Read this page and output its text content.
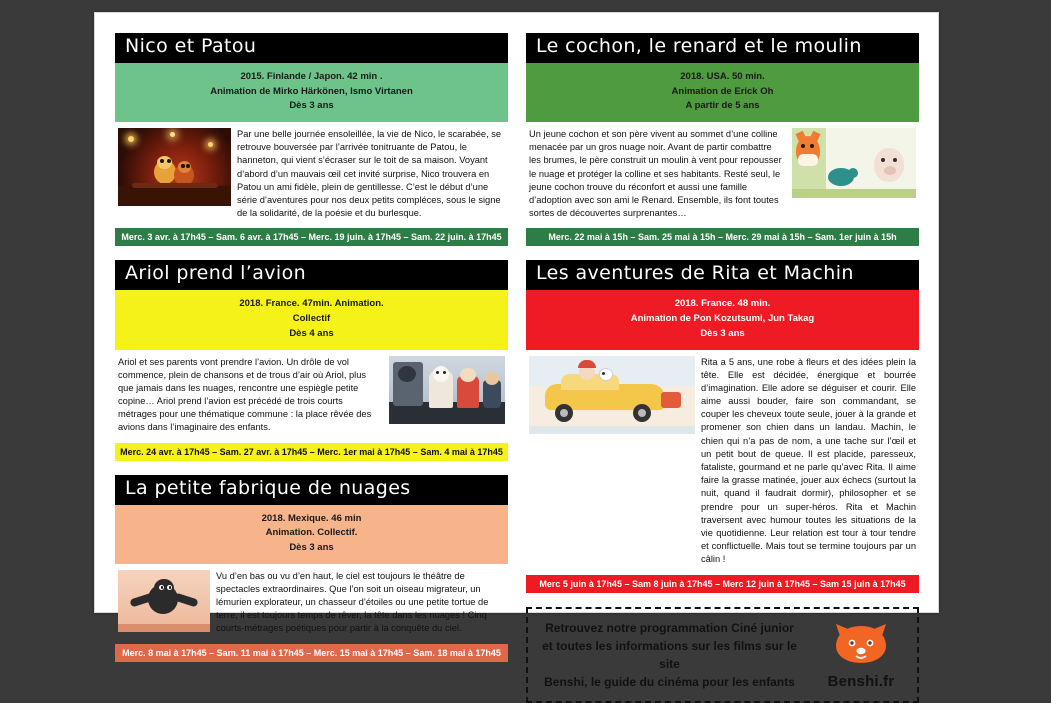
Nico et Patou
2015. Finlande / Japon. 42 min .
Animation de Mirko Härkönen, Ismo Virtanen
Dès 3 ans
Par une belle journée ensoleillée, la vie de Nico, le scarabée, se retrouve bouversée par l’arrivée tonitruante de Patou, le hanneton, qui vient s’écraser sur le toit de sa maison. Voyant d’abord d’un mauvais œil cet invité surprise, Nico trouvera en Patou un ami fidèle, plein de gentillesse. C’est le début d’une série d’aventures pour nos deux petits compléces, sous le signe de la solidarité, de la poésie et du burlesque.
Merc. 3 avr. à 17h45 – Sam. 6 avr. à 17h45 – Merc. 19 juin. à 17h45 – Sam. 22 juin. à 17h45
Ariol prend l’avion
2018. France. 47min. Animation.
Collectif
Dès 4 ans
Ariol et ses parents vont prendre l’avion. Un drôle de vol commence, plein de chansons et de trous d’air où Ariol, plus que jamais dans les nuages, rencontre une espiègle petite copine… Ariol prend l’avion est précédé de trois courts métrages pour une thématique commune : la place rêvée des avions dans l’imaginaire des enfants.
Merc. 24 avr. à 17h45 – Sam. 27 avr. à 17h45 – Merc. 1er mai à 17h45 – Sam. 4 mai à 17h45
La petite fabrique de nuages
2018. Mexique. 46 min
Animation. Collectif.
Dès 3 ans
Vu d’en bas ou vu d’en haut, le ciel est toujours le théâtre de spectacles extraordinaires. Que l’on soit un oiseau migrateur, un lémurien explorateur, un chasseur d’étoiles ou une petite tortue de terre, il est toujours temps de rêver, la tête dans les nuages ! Cinq courts-métrages poétiques pour partir à la conquête du ciel.
Merc. 8 mai à 17h45 – Sam. 11 mai à 17h45 – Merc. 15 mai à 17h45 – Sam. 18 mai à 17h45
Le cochon, le renard et le moulin
2018. USA. 50 min.
Animation de Erick Oh
A partir de 5 ans
Un jeune cochon et son père vivent au sommet d’une colline menacée par un gros nuage noir. Avant de partir combattre les brumes, le père construit un moulin à vent pour repousser le nuage et protéger la colline et ses habitants. Resté seul, le jeune cochon trouve du réconfort et aussi une famille d’adoption avec son ami le Renard. Ensemble, ils font toutes sortes de découvertes surprenantes…
Merc. 22 mai à 15h – Sam. 25 mai à 15h – Merc. 29 mai à 15h – Sam. 1er juin à 15h
Les aventures de Rita et Machin
2018. France. 48 min.
Animation de Pon Kozutsumi, Jun Takag
Dès 3 ans
Rita a 5 ans, une robe à fleurs et des idées plein la tête. Elle est décidée, énergique et bourrée d’imagination. Elle adore se déguiser et courir. Elle aime aussi bouder, faire son commandant, se couper les cheveux toute seule, jouer à la grande et promener son chien dans un landau. Machin, le chien qui n’a pas de nom, a une tache sur l’œil et un petit bout de queue. Il est placide, paresseux, fataliste, gourmand et ne parle qu’avec Rita. Il aime faire la grasse matinée, jouer aux échecs (surtout la nuit, quand il faudrait dormir), philosopher et se prendre pour un super-héros. Rita et Machin traversent avec humour toutes les situations de la vie quotidienne. Leur relation est tour à tour tendre et conflictuelle. Mais tout se termine toujours par un câlin !
Merc 5 juin à 17h45 – Sam 8 juin à 17h45 – Merc 12 juin à 17h45 – Sam 15 juin à 17h45
Retrouvez notre programmation Ciné junior
et toutes les informations sur les films sur le site
Benshi, le guide du cinéma pour les enfants	Benshi.fr
